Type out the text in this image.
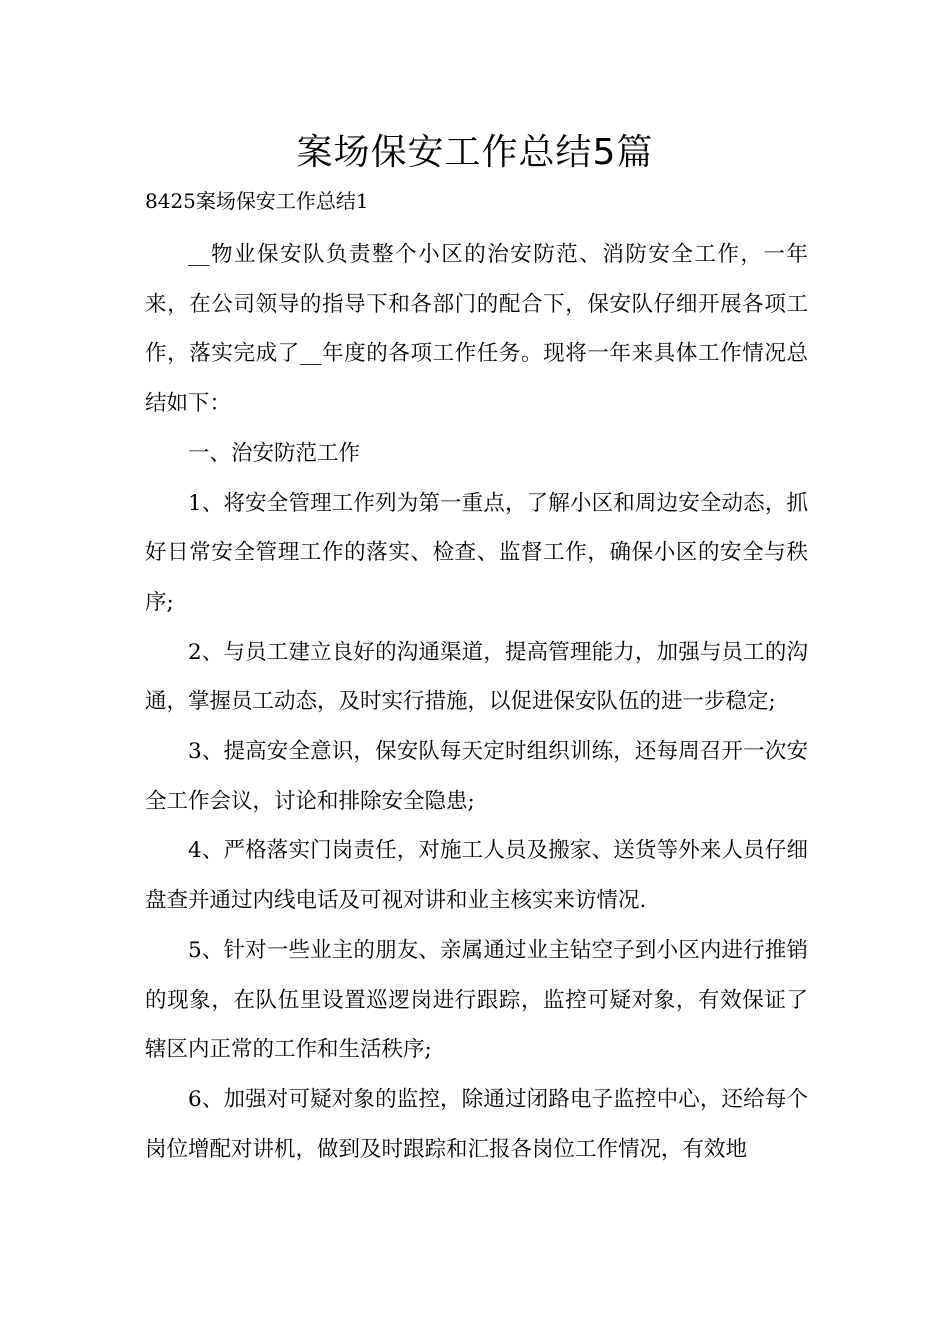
案场保安工作总结5篇

8425案场保安工作总结1

__物业保安队负责整个小区的治安防范、消防安全工作，一年来，在公司领导的指导下和各部门的配合下，保安队仔细开展各项工作，落实完成了__年度的各项工作任务。现将一年来具体工作情况总结如下：

一、治安防范工作

1、将安全管理工作列为第一重点，了解小区和周边安全动态，抓好日常安全管理工作的落实、检查、监督工作，确保小区的安全与秩序;

2、与员工建立良好的沟通渠道，提高管理能力，加强与员工的沟通，掌握员工动态，及时实行措施，以促进保安队伍的进一步稳定;

3、提高安全意识，保安队每天定时组织训练，还每周召开一次安全工作会议，讨论和排除安全隐患;

4、严格落实门岗责任，对施工人员及搬家、送货等外来人员仔细盘查并通过内线电话及可视对讲和业主核实来访情况.

5、针对一些业主的朋友、亲属通过业主钻空子到小区内进行推销的现象，在队伍里设置巡逻岗进行跟踪，监控可疑对象，有效保证了辖区内正常的工作和生活秩序;

6、加强对可疑对象的监控，除通过闭路电子监控中心，还给每个岗位增配对讲机，做到及时跟踪和汇报各岗位工作情况，有效地
